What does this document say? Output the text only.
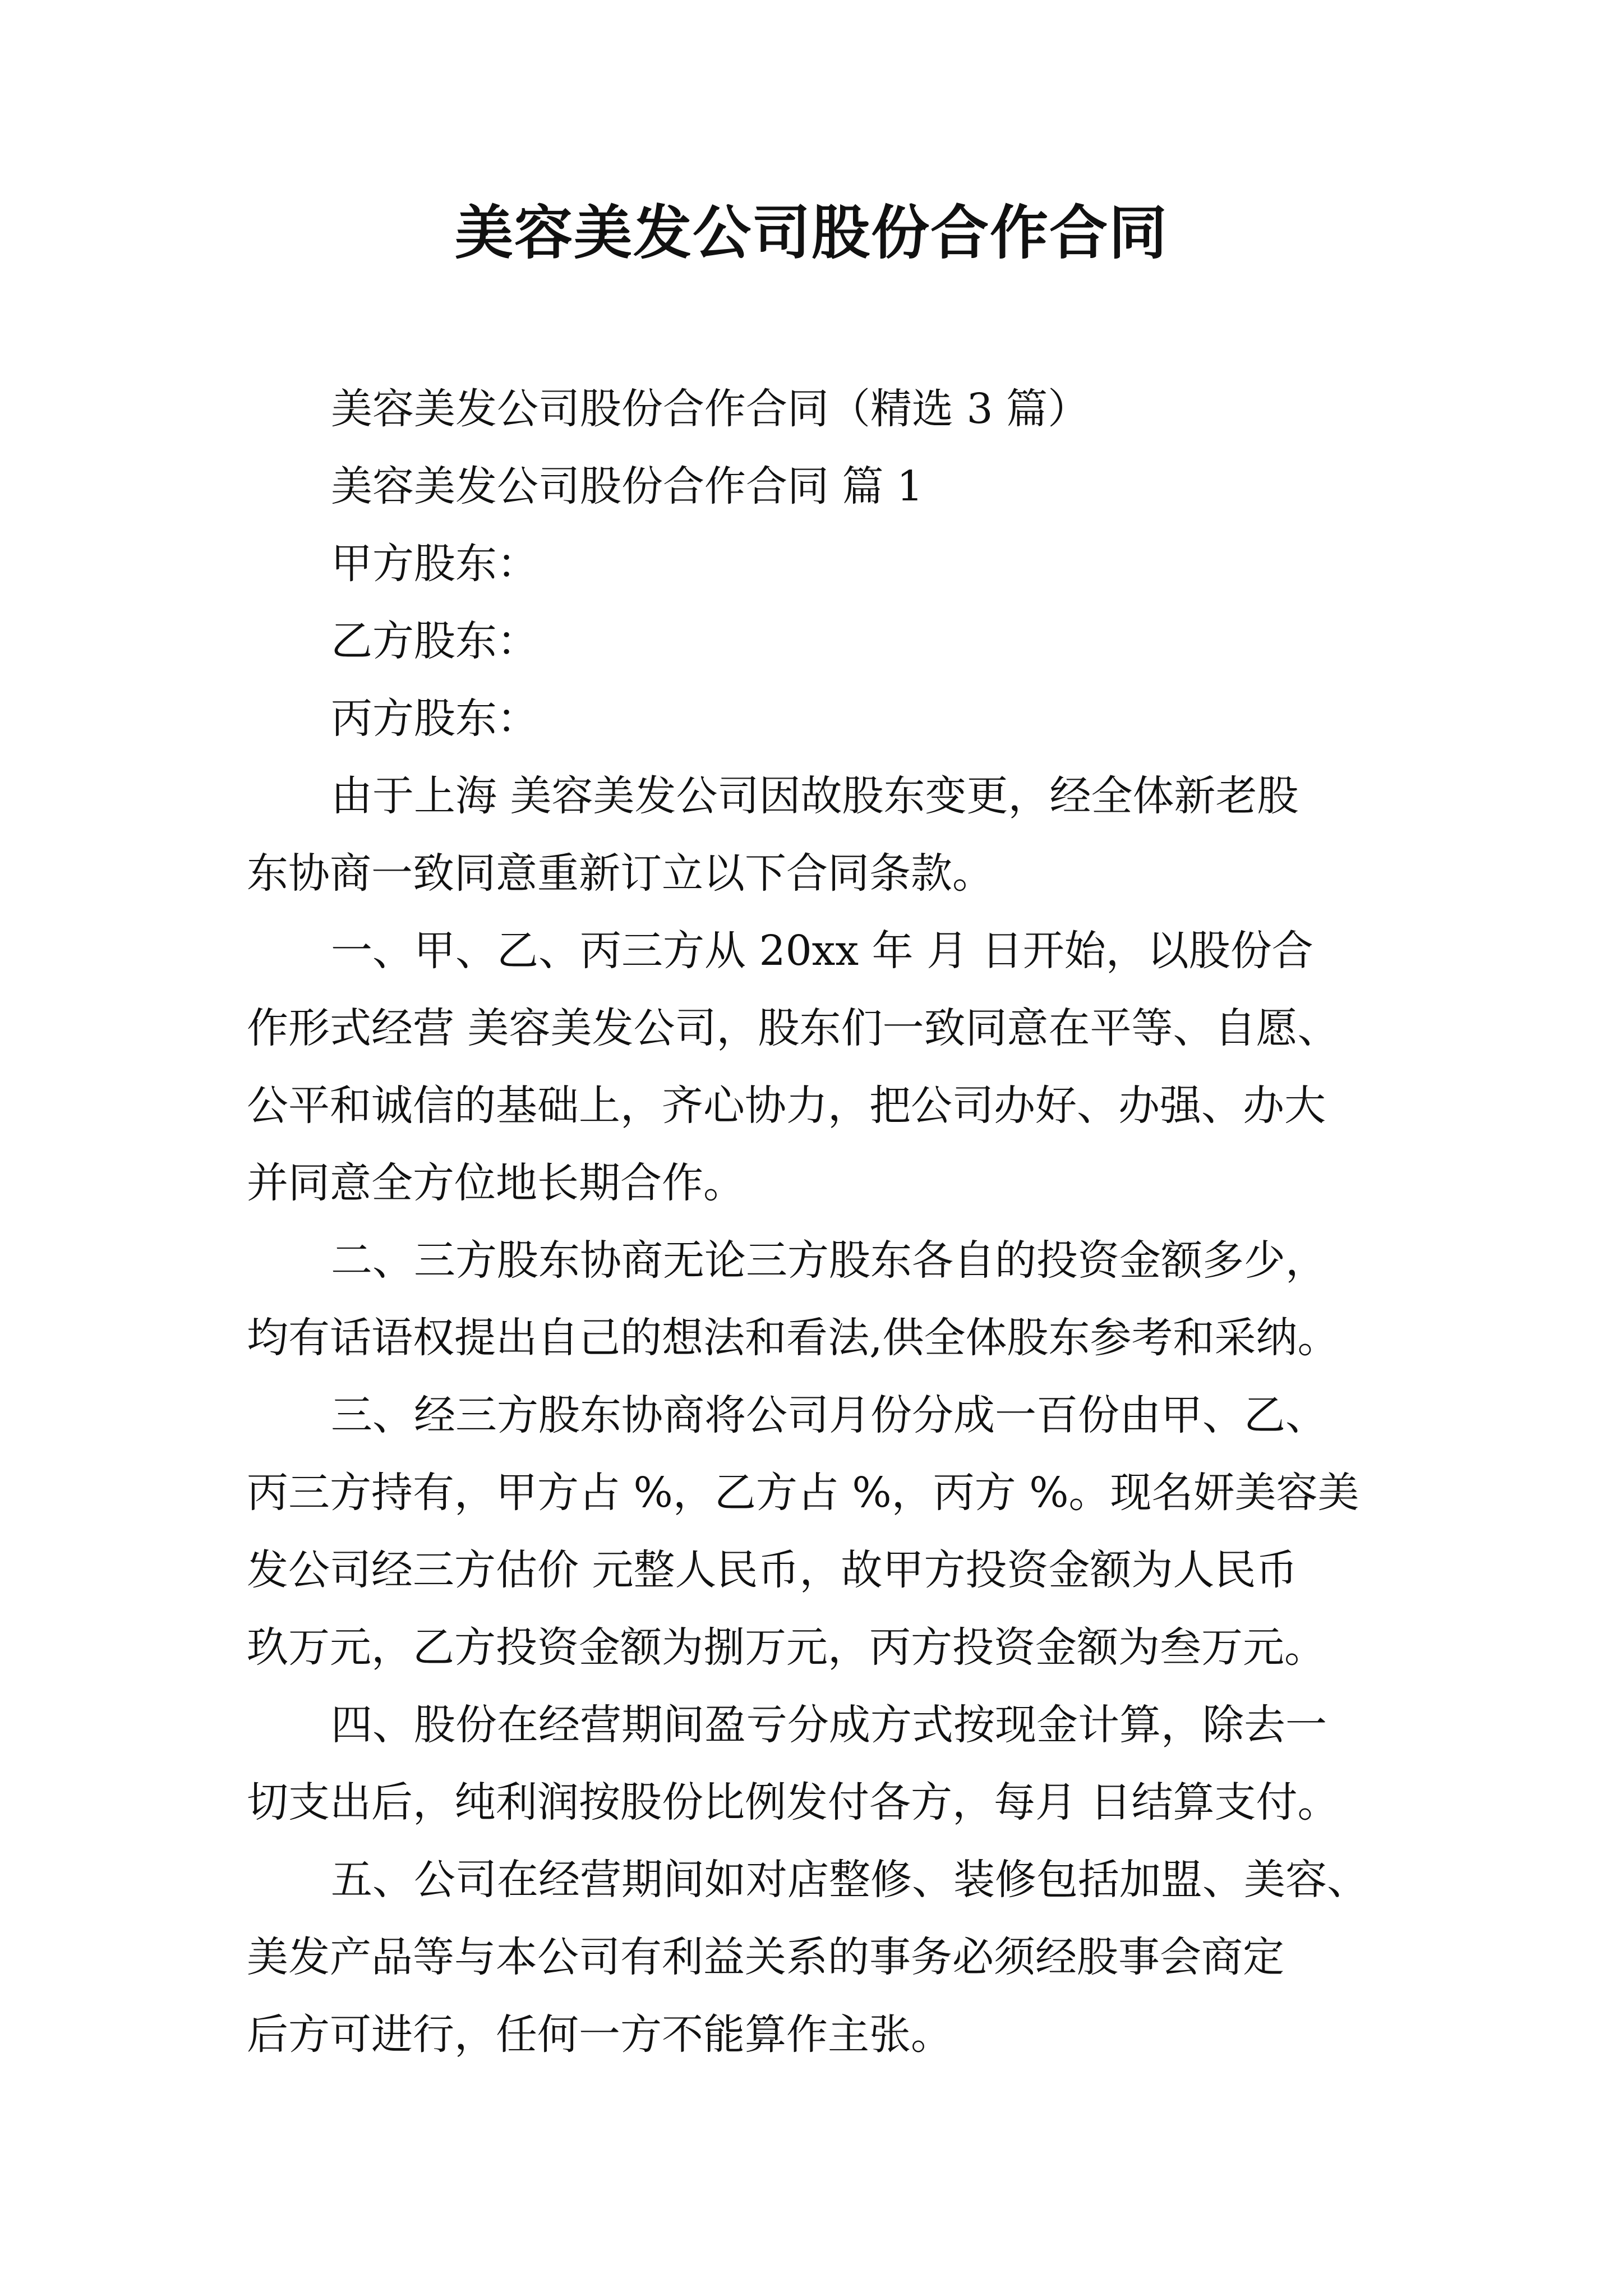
美容美发公司股份合作合同
美容美发公司股份合作合同（精选 3 篇）
美容美发公司股份合作合同 篇 1
甲方股东：
乙方股东：
丙方股东：
由于上海 美容美发公司因故股东变更，经全体新老股
东协商一致同意重新订立以下合同条款。
一、甲、乙、丙三方从 20xx 年 月 日开始，以股份合
作形式经营 美容美发公司，股东们一致同意在平等、自愿、
公平和诚信的基础上，齐心协力，把公司办好、办强、办大
并同意全方位地长期合作。
二、三方股东协商无论三方股东各自的投资金额多少，
均有话语权提出自己的想法和看法,供全体股东参考和采纳。
三、经三方股东协商将公司月份分成一百份由甲、乙、
丙三方持有，甲方占 %，乙方占 %，丙方 %。现名妍美容美
发公司经三方估价 元整人民币，故甲方投资金额为人民币
玖万元，乙方投资金额为捌万元，丙方投资金额为叁万元。
四、股份在经营期间盈亏分成方式按现金计算，除去一
切支出后，纯利润按股份比例发付各方，每月 日结算支付。
五、公司在经营期间如对店整修、装修包括加盟、美容、
美发产品等与本公司有利益关系的事务必须经股事会商定
后方可进行，任何一方不能算作主张。
